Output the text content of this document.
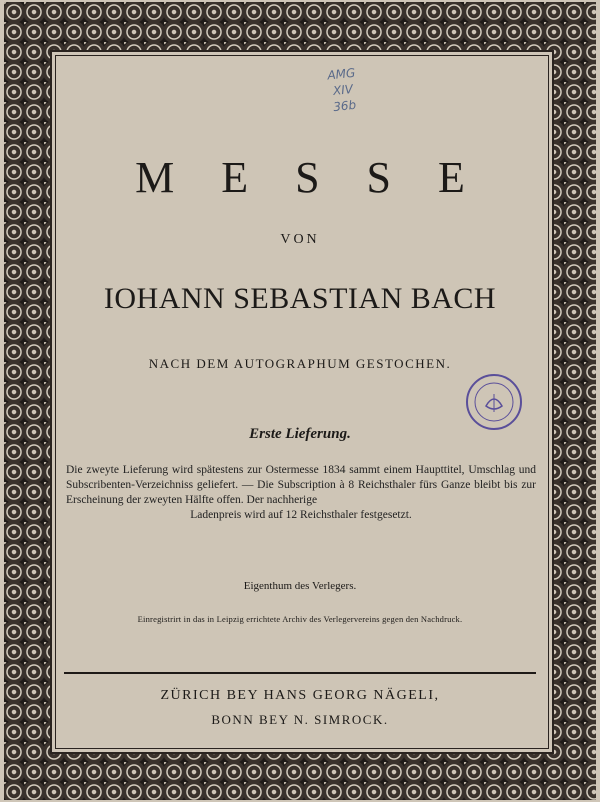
AMG
XIV
36b
M E S S E
VON
IOHANN SEBASTIAN BACH
NACH DEM AUTOGRAPHUM GESTOCHEN.
Erste Lieferung.
Die zweyte Lieferung wird spätestens zur Ostermesse 1834 sammt einem Haupttitel, Umschlag und Subscribenten-Verzeichniss geliefert. — Die Subscription à 8 Reichsthaler fürs Ganze bleibt bis zur Erscheinung der zweyten Hälfte offen. Der nachherige
Ladenpreis wird auf 12 Reichsthaler festgesetzt.
Eigenthum des Verlegers.
Einregistrirt in das in Leipzig errichtete Archiv des Verlegervereins gegen den Nachdruck.
ZÜRICH BEY HANS GEORG NÄGELI,
BONN BEY N. SIMROCK.
